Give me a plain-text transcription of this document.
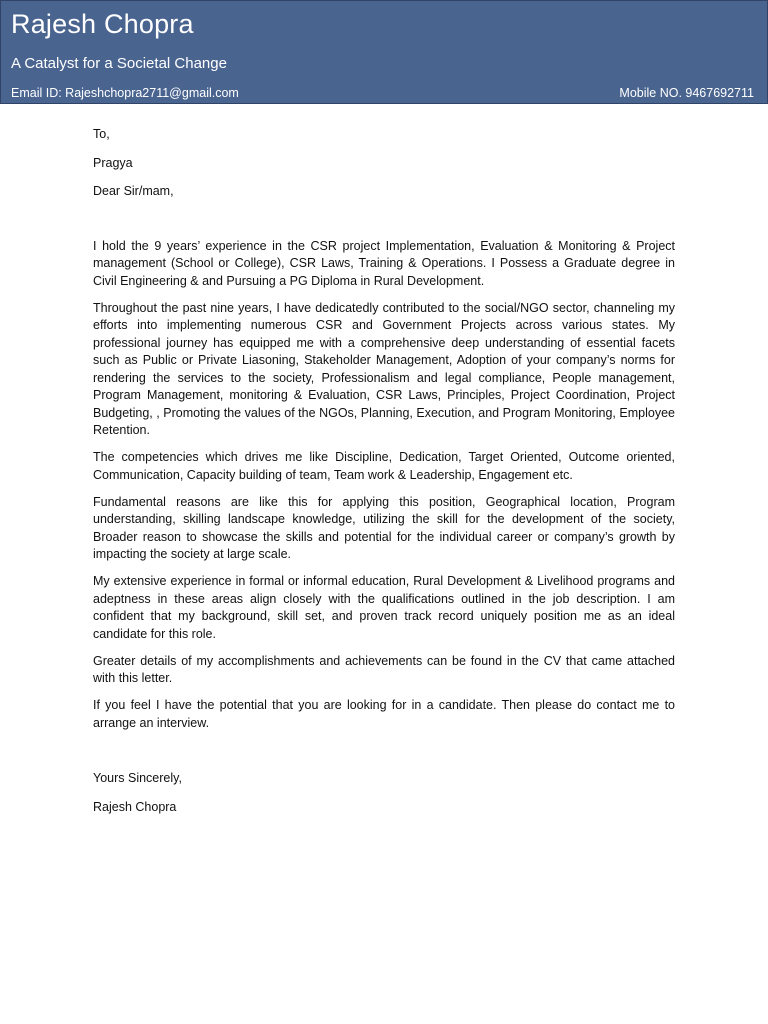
Rajesh Chopra
A Catalyst for a Societal Change
Email ID: Rajeshchopra2711@gmail.com	Mobile NO. 9467692711

To,

Pragya

Dear Sir/mam,

I hold the 9 years’ experience in the CSR project Implementation, Evaluation & Monitoring & Project management (School or College), CSR Laws, Training & Operations. I Possess a Graduate degree in Civil Engineering & and Pursuing a PG Diploma in Rural Development.

Throughout the past nine years, I have dedicatedly contributed to the social/NGO sector, channeling my efforts into implementing numerous CSR and Government Projects across various states. My professional journey has equipped me with a comprehensive deep understanding of essential facets such as Public or Private Liasoning, Stakeholder Management, Adoption of your company’s norms for rendering the services to the society, Professionalism and legal compliance, People management, Program Management, monitoring & Evaluation, CSR Laws, Principles, Project Coordination, Project Budgeting, , Promoting the values of the NGOs, Planning, Execution, and Program Monitoring, Employee Retention.

The competencies which drives me like Discipline, Dedication, Target Oriented, Outcome oriented, Communication, Capacity building of team, Team work & Leadership, Engagement etc.

Fundamental reasons are like this for applying this position, Geographical location, Program understanding, skilling landscape knowledge, utilizing the skill for the development of the society, Broader reason to showcase the skills and potential for the individual career or company’s growth by impacting the society at large scale.

My extensive experience in formal or informal education, Rural Development & Livelihood programs and adeptness in these areas align closely with the qualifications outlined in the job description. I am confident that my background, skill set, and proven track record uniquely position me as an ideal candidate for this role.

Greater details of my accomplishments and achievements can be found in the CV that came attached with this letter.

If you feel I have the potential that you are looking for in a candidate. Then please do contact me to arrange an interview.

Yours Sincerely,

Rajesh Chopra
